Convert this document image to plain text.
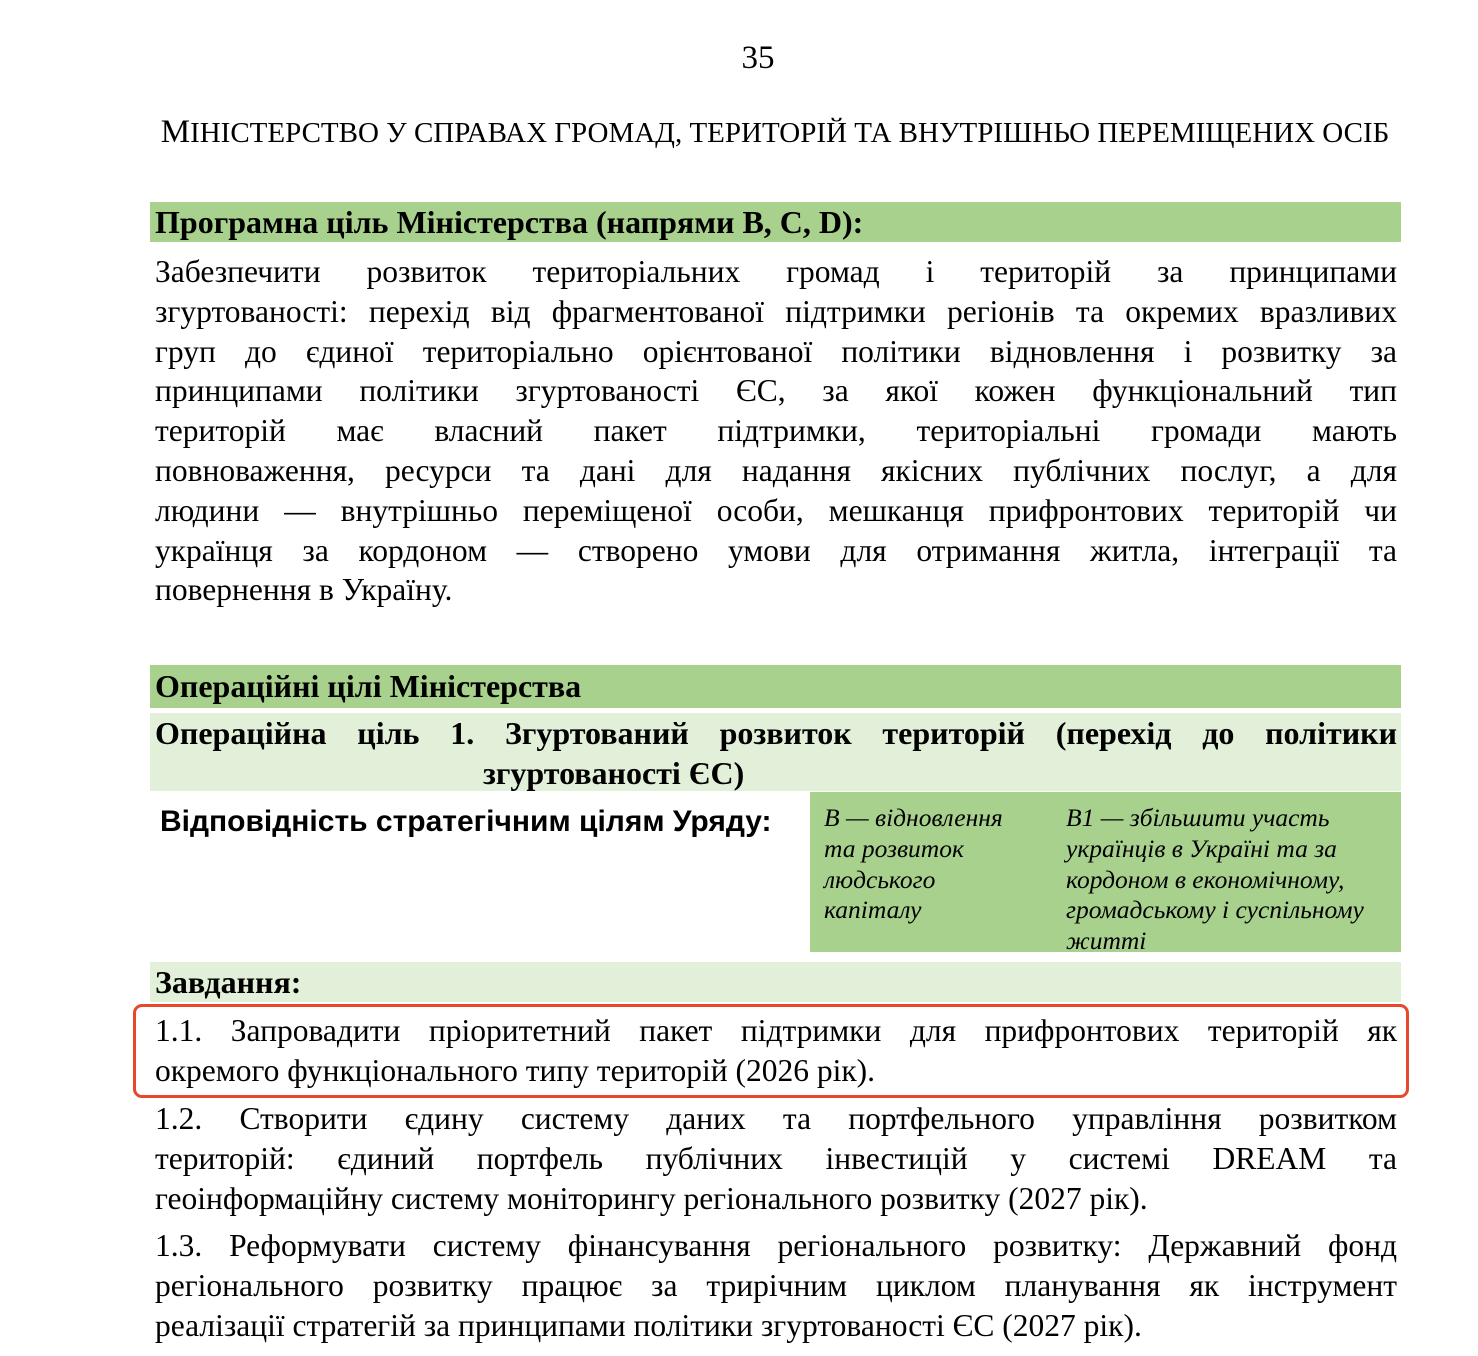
35
МІНІСТЕРСТВО У СПРАВАХ ГРОМАД, ТЕРИТОРІЙ ТА ВНУТРІШНЬО ПЕРЕМІЩЕНИХ ОСІБ
Програмна ціль Міністерства (напрями B, C, D):
Забезпечити розвиток територіальних громад і територій за принципами
згуртованості: перехід від фрагментованої підтримки регіонів та окремих вразливих
груп до єдиної територіально орієнтованої політики відновлення і розвитку за
принципами політики згуртованості ЄС, за якої кожен функціональний тип
територій має власний пакет підтримки, територіальні громади мають
повноваження, ресурси та дані для надання якісних публічних послуг, а для
людини — внутрішньо переміщеної особи, мешканця прифронтових територій чи
українця за кордоном — створено умови для отримання житла, інтеграції та
повернення в Україну.
Операційні цілі Міністерства
Операційна ціль 1. Згуртований розвиток територій (перехід до політики
згуртованості ЄС)
Відповідність стратегічним цілям Уряду: B — відновлення
та розвиток
людського
капіталу
B1 — збільшити участь
українців в Україні та за
кордоном в економічному,
громадському і суспільному
житті
Завдання:
1.1. Запровадити пріоритетний пакет підтримки для прифронтових територій як
окремого функціонального типу територій (2026 рік).
1.2. Створити єдину систему даних та портфельного управління розвитком
територій: єдиний портфель публічних інвестицій у системі DREAM та
геоінформаційну систему моніторингу регіонального розвитку (2027 рік).
1.3. Реформувати систему фінансування регіонального розвитку: Державний фонд
регіонального розвитку працює за трирічним циклом планування як інструмент
реалізації стратегій за принципами політики згуртованості ЄС (2027 рік).
